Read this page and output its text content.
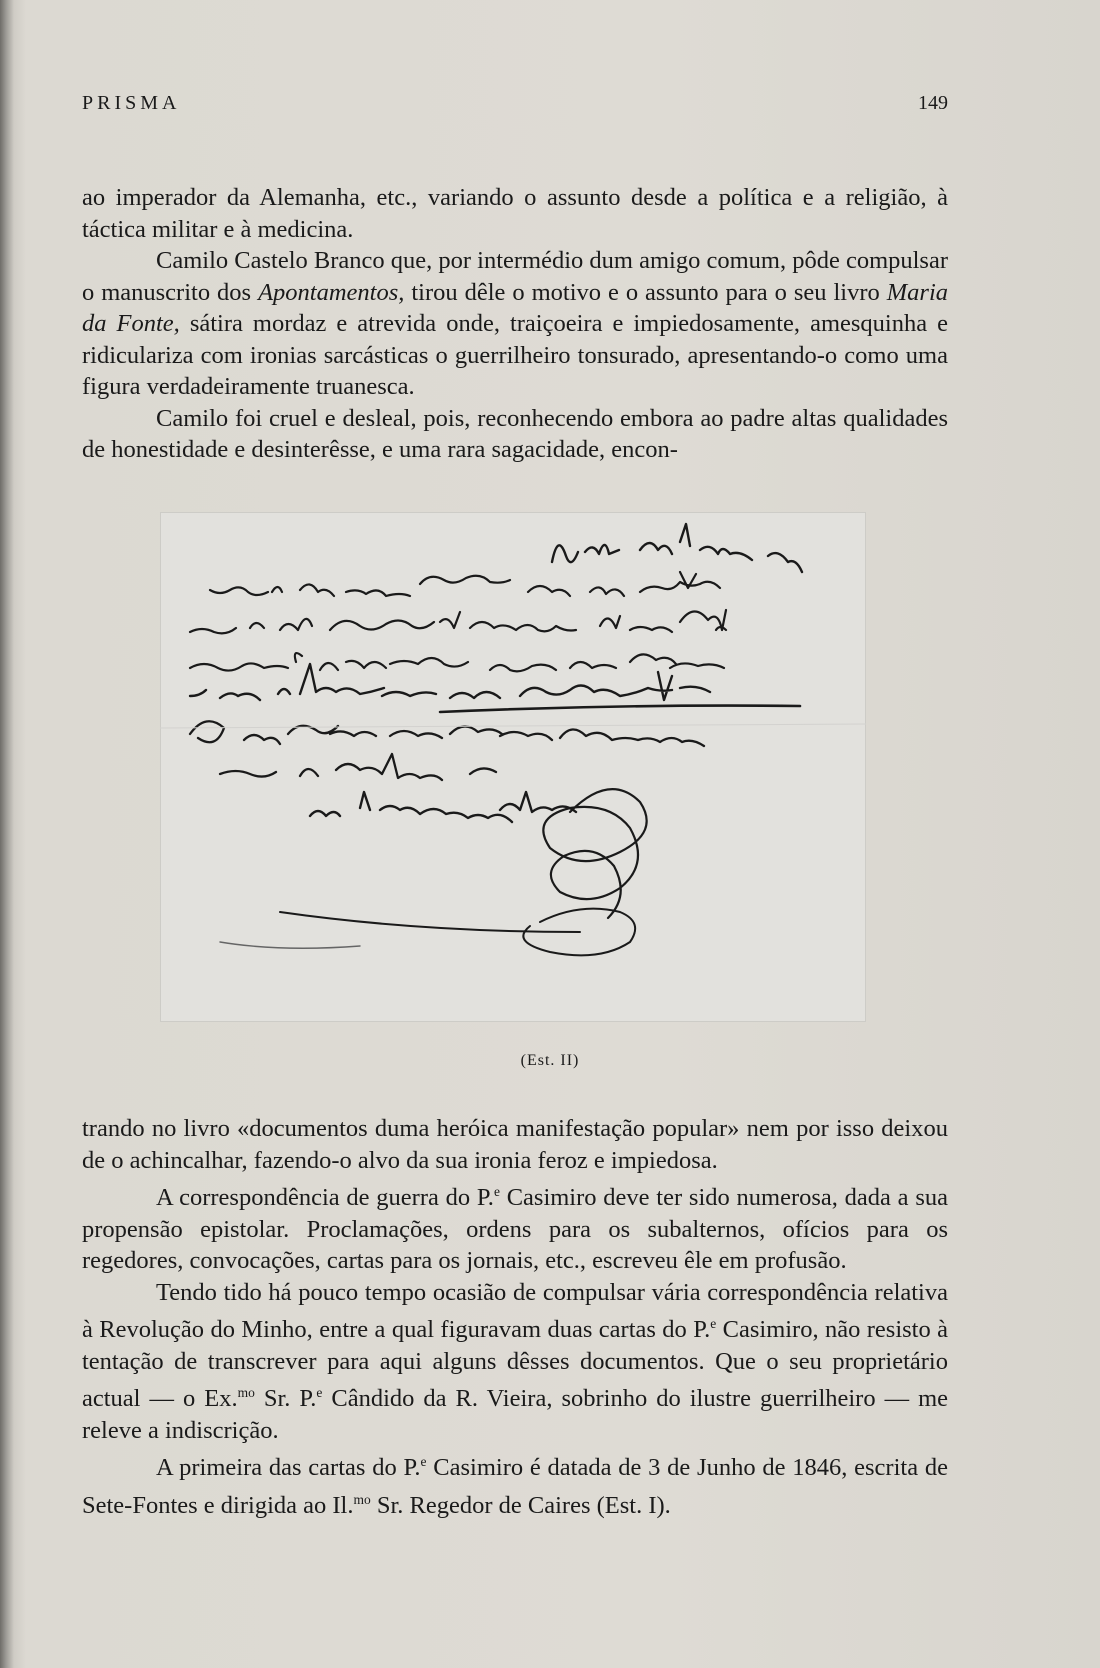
PRISMA	149

ao imperador da Alemanha, etc., variando o assunto desde a política e a religião, à táctica militar e à medicina.

Camilo Castelo Branco que, por intermédio dum amigo comum, pôde compulsar o manuscrito dos Apontamentos, tirou dêle o motivo e o assunto para o seu livro Maria da Fonte, sátira mordaz e atrevida onde, traiçoeira e impiedosamente, amesquinha e ridiculariza com ironias sarcásticas o guerrilheiro tonsurado, apresentando-o como uma figura verdadeiramente truanesca.

Camilo foi cruel e desleal, pois, reconhecendo embora ao padre altas qualidades de honestidade e desinterêsse, e uma rara sagacidade, encon-

(Est. II)

trando no livro «documentos duma heróica manifestação popular» nem por isso deixou de o achincalhar, fazendo-o alvo da sua ironia feroz e impiedosa.

A correspondência de guerra do P.$^e$ Casimiro deve ter sido numerosa, dada a sua propensão epistolar. Proclamações, ordens para os subalternos, ofícios para os regedores, convocações, cartas para os jornais, etc., escreveu êle em profusão.

Tendo tido há pouco tempo ocasião de compulsar vária correspondência relativa à Revolução do Minho, entre a qual figuravam duas cartas do P.$^e$ Casimiro, não resisto à tentação de transcrever para aqui alguns dêsses documentos. Que o seu proprietário actual — o Ex.$^{mo}$ Sr. P.$^e$ Cândido da R. Vieira, sobrinho do ilustre guerrilheiro — me releve a indiscrição.

A primeira das cartas do P.$^e$ Casimiro é datada de 3 de Junho de 1846, escrita de Sete-Fontes e dirigida ao Il.$^{mo}$ Sr. Regedor de Caires (Est. I).
